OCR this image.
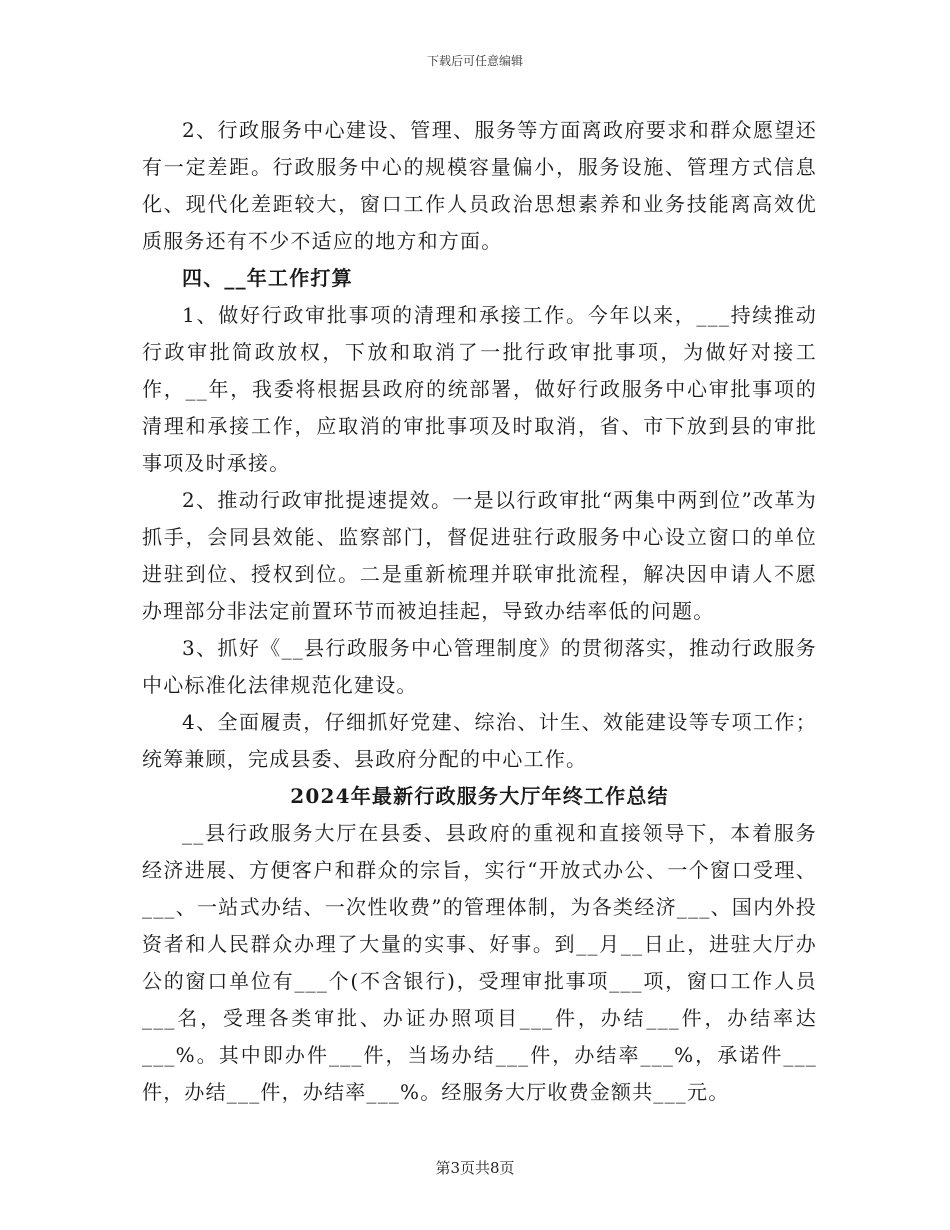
下载后可任意编辑

2、行政服务中心建设、管理、服务等方面离政府要求和群众愿望还有一定差距。行政服务中心的规模容量偏小，服务设施、管理方式信息化、现代化差距较大，窗口工作人员政治思想素养和业务技能离高效优质服务还有不少不适应的地方和方面。

四、__年工作打算

1、做好行政审批事项的清理和承接工作。今年以来，___持续推动行政审批简政放权，下放和取消了一批行政审批事项，为做好对接工作，__年，我委将根据县政府的统部署，做好行政服务中心审批事项的清理和承接工作，应取消的审批事项及时取消，省、市下放到县的审批事项及时承接。

2、推动行政审批提速提效。一是以行政审批“两集中两到位”改革为抓手，会同县效能、监察部门，督促进驻行政服务中心设立窗口的单位进驻到位、授权到位。二是重新梳理并联审批流程，解决因申请人不愿办理部分非法定前置环节而被迫挂起，导致办结率低的问题。

3、抓好《__县行政服务中心管理制度》的贯彻落实，推动行政服务中心标准化法律规范化建设。

4、全面履责，仔细抓好党建、综治、计生、效能建设等专项工作；统筹兼顾，完成县委、县政府分配的中心工作。

2024年最新行政服务大厅年终工作总结

__县行政服务大厅在县委、县政府的重视和直接领导下，本着服务经济进展、方便客户和群众的宗旨，实行“开放式办公、一个窗口受理、___、一站式办结、一次性收费”的管理体制，为各类经济___、国内外投资者和人民群众办理了大量的实事、好事。到__月__日止，进驻大厅办公的窗口单位有___个(不含银行)，受理审批事项___项，窗口工作人员___名，受理各类审批、办证办照项目___件，办结___件，办结率达___%。其中即办件___件，当场办结___件，办结率___%，承诺件___件，办结___件，办结率___%。经服务大厅收费金额共___元。

第3页共8页
